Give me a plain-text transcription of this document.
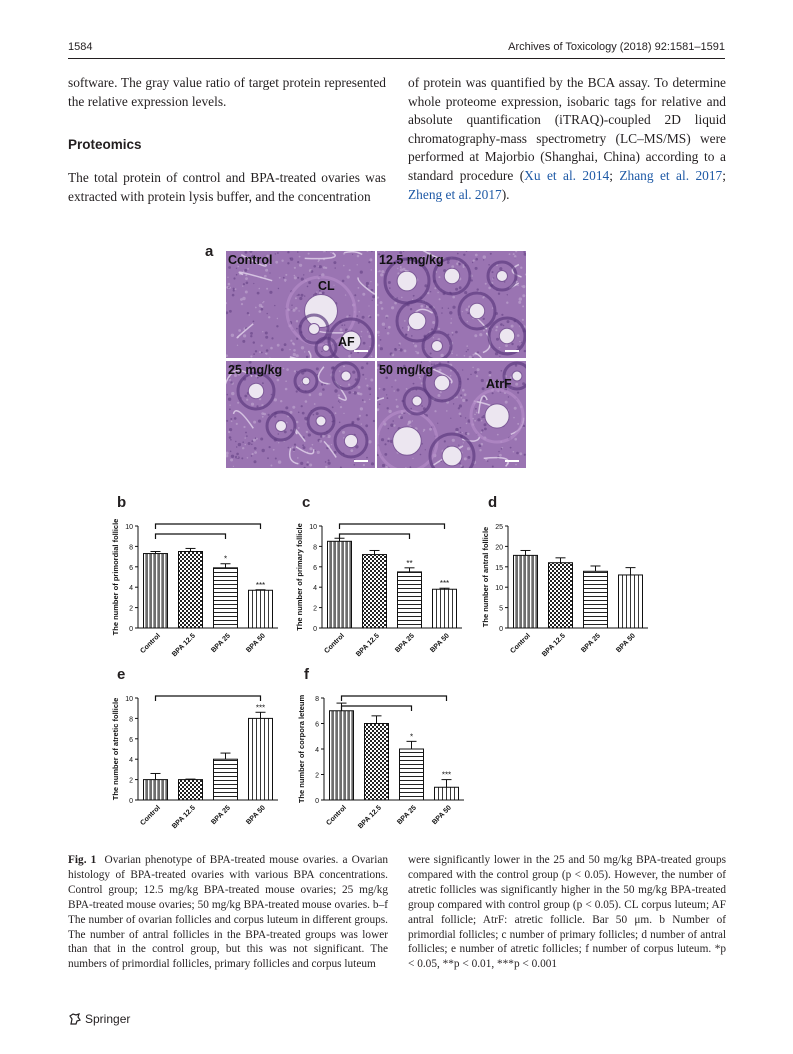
1584	Archives of Toxicology (2018) 92:1581–1591

software. The gray value ratio of target protein represented the relative expression levels.

Proteomics

The total protein of control and BPA-treated ovaries was extracted with protein lysis buffer, and the concentration

of protein was quantified by the BCA assay. To determine whole proteome expression, isobaric tags for relative and absolute quantification (iTRAQ)-coupled 2D liquid chromatography-mass spectrometry (LC–MS/MS) were performed at Majorbio (Shanghai, China) according to a standard procedure (Xu et al. 2014; Zhang et al. 2017; Zheng et al. 2017).

a Control
CL
AF
12.5 mg/kg
25 mg/kg	50 mg/kg
AtrF
b
0
2
4
6
8
10
The number of primordial follicle
Control BPA 12.5
*
BPA 25
***
BPA 50
c
0
2
4
6
8
10
The number of primary follicle
Control BPA 12.5
**
BPA 25
***
BPA 50
d
0
5
10
15
20
25
The number of antral follicle
Control BPA 12.5 BPA 25 BPA 50
e
0
2
4
6
8
10
The number of atretic follicle
Control BPA 12.5 BPA 25
***
BPA 50
f
0
2
4
6
8
The number of corpora leteum
Control BPA 12.5
*
BPA 25
***
BPA 50

Fig. 1 Ovarian phenotype of BPA-treated mouse ovaries. a Ovarian histology of BPA-treated ovaries with various BPA concentrations. Control group; 12.5 mg/kg BPA-treated mouse ovaries; 25 mg/kg BPA-treated mouse ovaries; 50 mg/kg BPA-treated mouse ovaries. b–f The number of ovarian follicles and corpus luteum in different groups. The number of antral follicles in the BPA-treated groups was lower than that in the control group, but this was not significant. The numbers of primordial follicles, primary follicles and corpus luteum

were significantly lower in the 25 and 50 mg/kg BPA-treated groups compared with the control group (p < 0.05). However, the number of atretic follicles was significantly higher in the 50 mg/kg BPA-treated group compared with control group (p < 0.05). CL corpus luteum; AF antral follicle; AtrF: atretic follicle. Bar 50 μm. b Number of primordial follicles; c number of primary follicles; d number of antral follicles; e number of atretic follicles; f number of corpus luteum. *p < 0.05, **p < 0.01, ***p < 0.001

Springer
